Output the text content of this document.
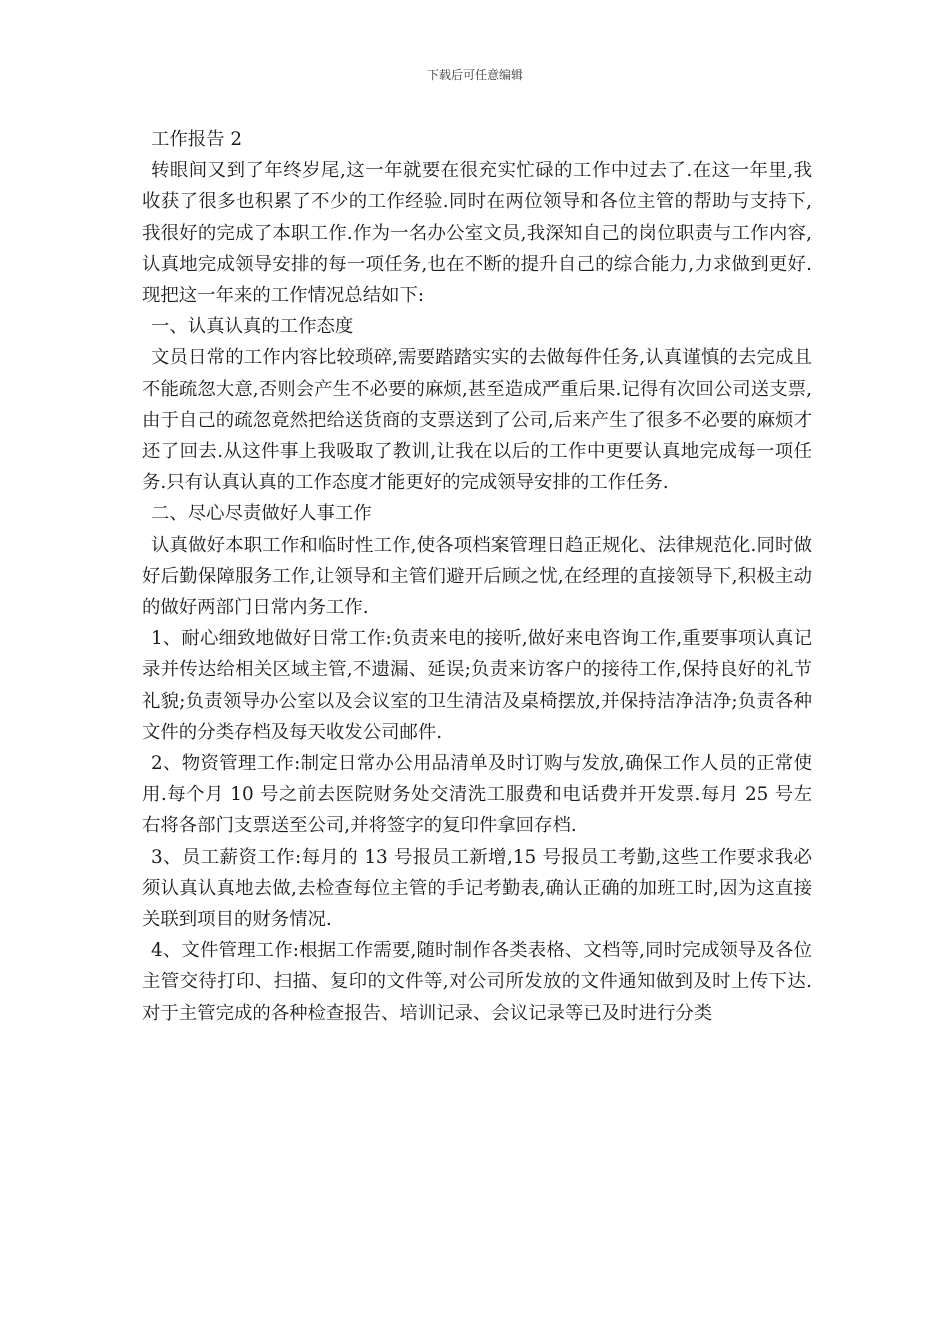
下载后可任意编辑

工作报告 2

转眼间又到了年终岁尾,这一年就要在很充实忙碌的工作中过去了.在这一年里,我收获了很多也积累了不少的工作经验.同时在两位领导和各位主管的帮助与支持下,我很好的完成了本职工作.作为一名办公室文员,我深知自己的岗位职责与工作内容,认真地完成领导安排的每一项任务,也在不断的提升自己的综合能力,力求做到更好.现把这一年来的工作情况总结如下:

一、认真认真的工作态度

文员日常的工作内容比较琐碎,需要踏踏实实的去做每件任务,认真谨慎的去完成且不能疏忽大意,否则会产生不必要的麻烦,甚至造成严重后果.记得有次回公司送支票,由于自己的疏忽竟然把给送货商的支票送到了公司,后来产生了很多不必要的麻烦才还了回去.从这件事上我吸取了教训,让我在以后的工作中更要认真地完成每一项任务.只有认真认真的工作态度才能更好的完成领导安排的工作任务.

二、尽心尽责做好人事工作

认真做好本职工作和临时性工作,使各项档案管理日趋正规化、法律规范化.同时做好后勤保障服务工作,让领导和主管们避开后顾之忧,在经理的直接领导下,积极主动的做好两部门日常内务工作.

1、耐心细致地做好日常工作:负责来电的接听,做好来电咨询工作,重要事项认真记录并传达给相关区域主管,不遗漏、延误;负责来访客户的接待工作,保持良好的礼节礼貌;负责领导办公室以及会议室的卫生清洁及桌椅摆放,并保持洁净洁净;负责各种文件的分类存档及每天收发公司邮件.

2、物资管理工作:制定日常办公用品清单及时订购与发放,确保工作人员的正常使用.每个月 10 号之前去医院财务处交清洗工服费和电话费并开发票.每月 25 号左右将各部门支票送至公司,并将签字的复印件拿回存档.

3、员工薪资工作:每月的 13 号报员工新增,15 号报员工考勤,这些工作要求我必须认真认真地去做,去检查每位主管的手记考勤表,确认正确的加班工时,因为这直接关联到项目的财务情况.

4、文件管理工作:根据工作需要,随时制作各类表格、文档等,同时完成领导及各位主管交待打印、扫描、复印的文件等,对公司所发放的文件通知做到及时上传下达.对于主管完成的各种检查报告、培训记录、会议记录等已及时进行分类
